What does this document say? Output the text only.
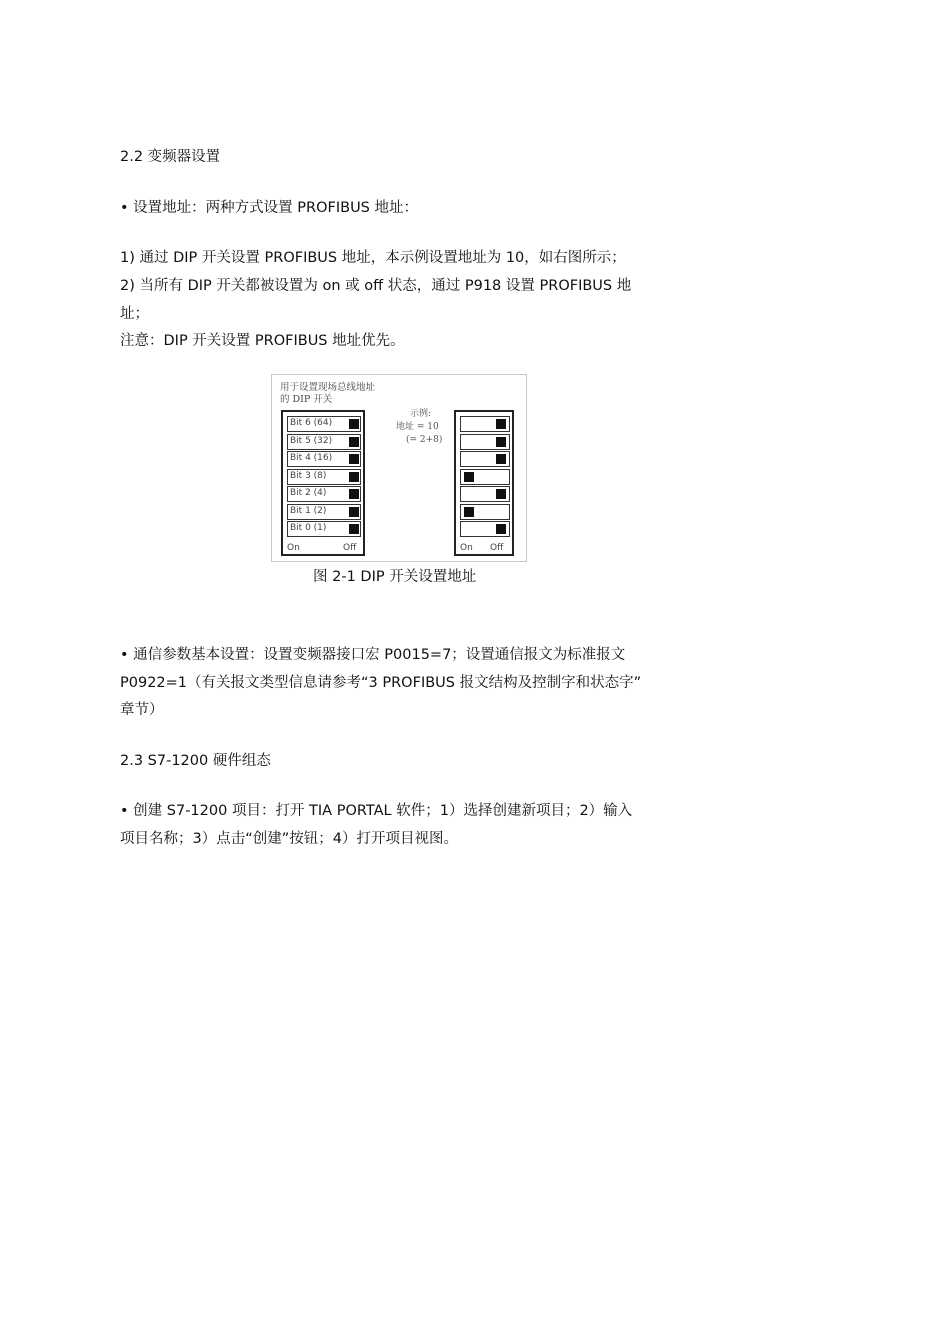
2.2 变频器设置
• 设置地址：两种方式设置 PROFIBUS 地址：
1) 通过 DIP 开关设置 PROFIBUS 地址，本示例设置地址为 10，如右图所示；
2) 当所有 DIP 开关都被设置为 on 或 off 状态，通过 P918 设置 PROFIBUS 地
址；
注意：DIP 开关设置 PROFIBUS 地址优先。
用于设置现场总线地址
的 DIP 开关
Bit 6 (64)
Bit 5 (32)
Bit 4 (16)
Bit 3 (8)
Bit 2 (4)
Bit 1 (2)
Bit 0 (1)
On	Off
示例:
地址 = 10
(= 2+8)
On Off
图 2-1 DIP 开关设置地址
• 通信参数基本设置：设置变频器接口宏 P0015=7；设置通信报文为标准报文
P0922=1（有关报文类型信息请参考“3 PROFIBUS 报文结构及控制字和状态字”
章节）
2.3 S7-1200 硬件组态
• 创建 S7-1200 项目：打开 TIA PORTAL 软件；1）选择创建新项目；2）输入
项目名称；3）点击“创建”按钮；4）打开项目视图。
